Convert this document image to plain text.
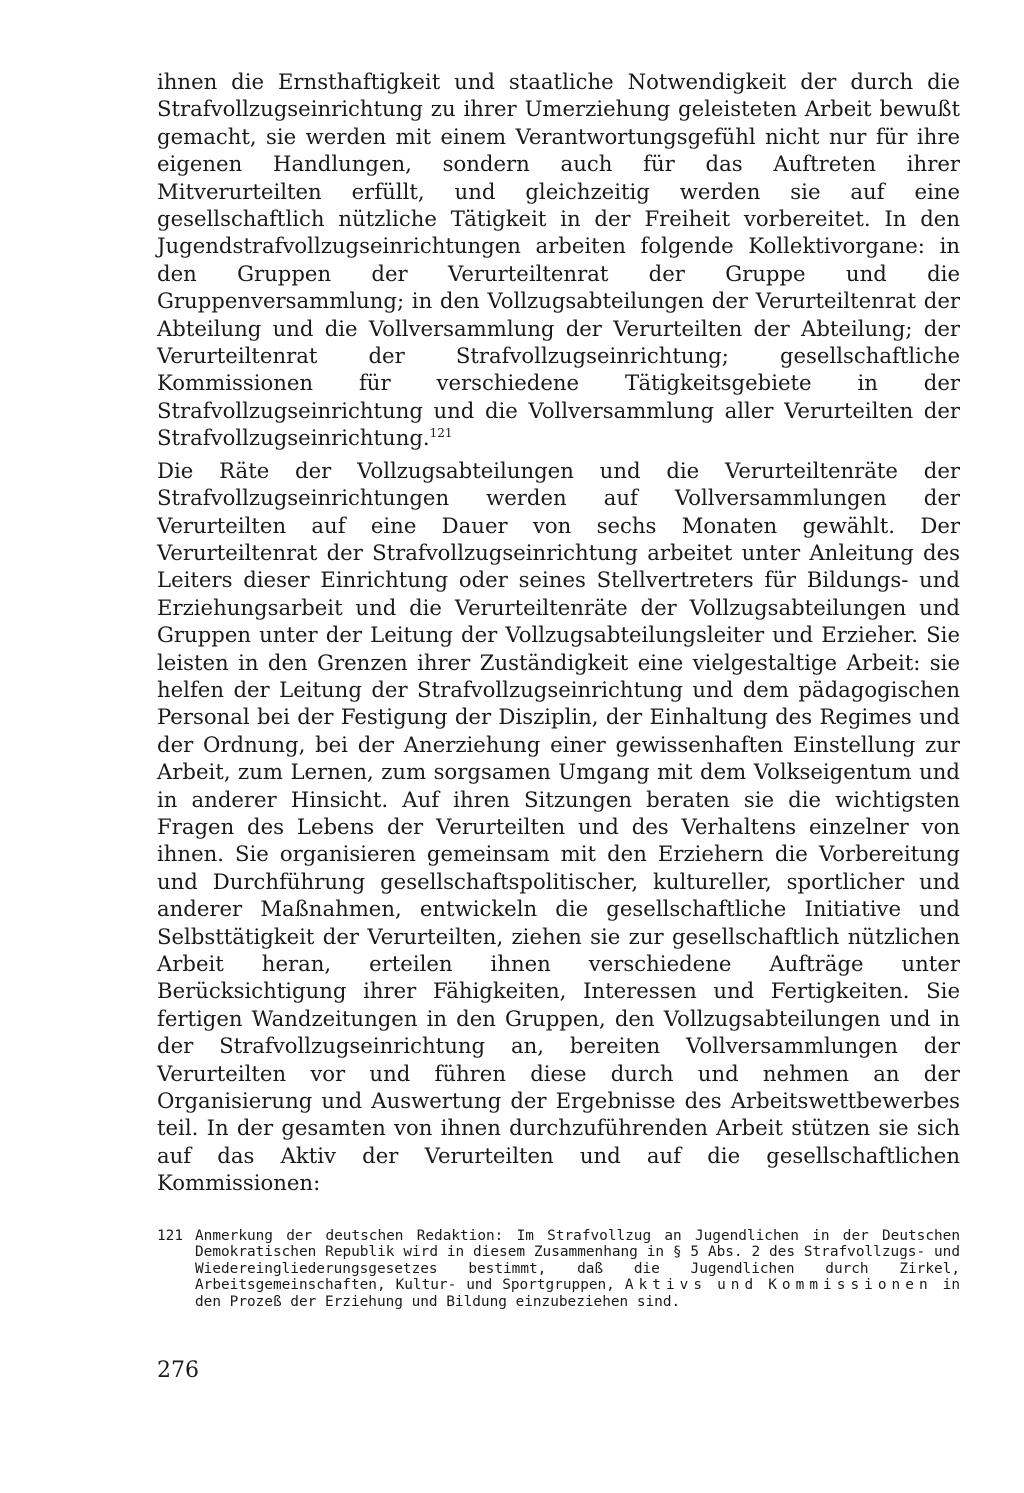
ihnen die Ernsthaftigkeit und staatliche Notwendigkeit der durch die Strafvollzugseinrichtung zu ihrer Umerziehung geleisteten Arbeit bewußt gemacht, sie werden mit einem Verantwortungsgefühl nicht nur für ihre eigenen Handlungen, sondern auch für das Auftreten ihrer Mitverurteilten erfüllt, und gleichzeitig werden sie auf eine gesellschaftlich nützliche Tätigkeit in der Freiheit vorbereitet. In den Jugendstrafvollzugseinrichtungen arbeiten folgende Kollektivorgane: in den Gruppen der Verurteiltenrat der Gruppe und die Gruppenversammlung; in den Vollzugsabteilungen der Verurteiltenrat der Abteilung und die Vollversammlung der Verurteilten der Abteilung; der Verurteiltenrat der Strafvollzugseinrichtung; gesellschaftliche Kommissionen für verschiedene Tätigkeitsgebiete in der Strafvollzugseinrichtung und die Vollversammlung aller Verurteilten der Strafvollzugseinrichtung.$^{121}$

Die Räte der Vollzugsabteilungen und die Verurteiltenräte der Strafvollzugseinrichtungen werden auf Vollversammlungen der Verurteilten auf eine Dauer von sechs Monaten gewählt. Der Verurteiltenrat der Strafvollzugseinrichtung arbeitet unter Anleitung des Leiters dieser Einrichtung oder seines Stellvertreters für Bildungs- und Erziehungsarbeit und die Verurteiltenräte der Vollzugsabteilungen und Gruppen unter der Leitung der Vollzugsabteilungsleiter und Erzieher. Sie leisten in den Grenzen ihrer Zuständigkeit eine vielgestaltige Arbeit: sie helfen der Leitung der Strafvollzugseinrichtung und dem pädagogischen Personal bei der Festigung der Disziplin, der Einhaltung des Regimes und der Ordnung, bei der Anerziehung einer gewissenhaften Einstellung zur Arbeit, zum Lernen, zum sorgsamen Umgang mit dem Volkseigentum und in anderer Hinsicht. Auf ihren Sitzungen beraten sie die wichtigsten Fragen des Lebens der Verurteilten und des Verhaltens einzelner von ihnen. Sie organisieren gemeinsam mit den Erziehern die Vorbereitung und Durchführung gesellschaftspolitischer, kultureller, sportlicher und anderer Maßnahmen, entwickeln die gesellschaftliche Initiative und Selbsttätigkeit der Verurteilten, ziehen sie zur gesellschaftlich nützlichen Arbeit heran, erteilen ihnen verschiedene Aufträge unter Berücksichtigung ihrer Fähigkeiten, Interessen und Fertigkeiten. Sie fertigen Wandzeitungen in den Gruppen, den Vollzugsabteilungen und in der Strafvollzugseinrichtung an, bereiten Vollversammlungen der Verurteilten vor und führen diese durch und nehmen an der Organisierung und Auswertung der Ergebnisse des Arbeitswettbewerbes teil. In der gesamten von ihnen durchzuführenden Arbeit stützen sie sich auf das Aktiv der Verurteilten und auf die gesellschaftlichen Kommissionen:

121 Anmerkung der deutschen Redaktion: Im Strafvollzug an Jugendlichen in der Deutschen Demokratischen Republik wird in diesem Zusammenhang in § 5 Abs. 2 des Strafvollzugs- und Wiedereingliederungsgesetzes bestimmt, daß die Jugendlichen durch Zirkel, Arbeitsgemeinschaften, Kultur- und Sportgruppen, Aktivs und Kommissionen in den Prozeß der Erziehung und Bildung einzubeziehen sind.

276
